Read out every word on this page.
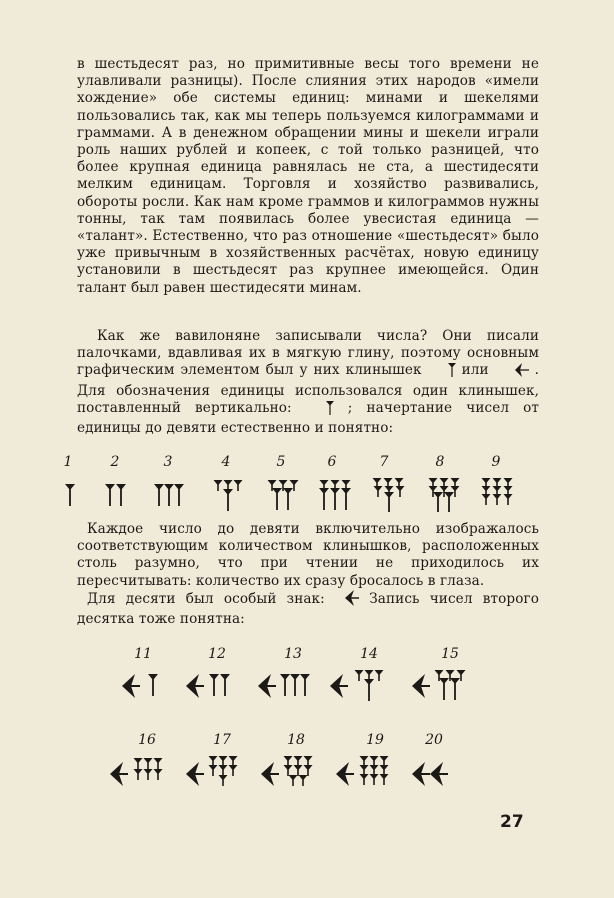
в шестьдесят раз, но примитивные весы того времени не улавливали разницы). После слияния этих народов «имели хождение» обе системы единиц: минами и шекелями пользовались так, как мы теперь пользуемся килограммами и граммами. А в денежном обращении мины и шекели играли роль наших рублей и копеек, с той только разницей, что более крупная единица равнялась не ста, а шестидесяти мелким единицам. Торговля и хозяйство развивались, обороты росли. Как нам кроме граммов и килограммов нужны тонны, так там появилась более увесистая единица — «талант». Естественно, что раз отношение «шестьдесят» было уже привычным в хозяйственных расчётах, новую единицу установили в шестьдесят раз крупнее имеющейся. Один талант был равен шестидесяти минам.
Как же вавилоняне записывали числа? Они писали палочками, вдавливая их в мягкую глину, поэтому основным графическим элементом был у них клинышек	или	. Для обозначения единицы использовался один клинышек, поставленный вертикально:	; начертание чисел от единицы до девяти естественно и понятно:
1	2	3	4	5	6	7	8	9
Каждое число до девяти включительно изображалось соответствующим количеством клинышков, расположенных столь разумно, что при чтении не приходилось их пересчитывать: количество их сразу бросалось в глаза.
Для десяти был особый знак:	Запись чисел второго десятка тоже понятна:
11	12	13	14	15
16	17	18	19	20
27
